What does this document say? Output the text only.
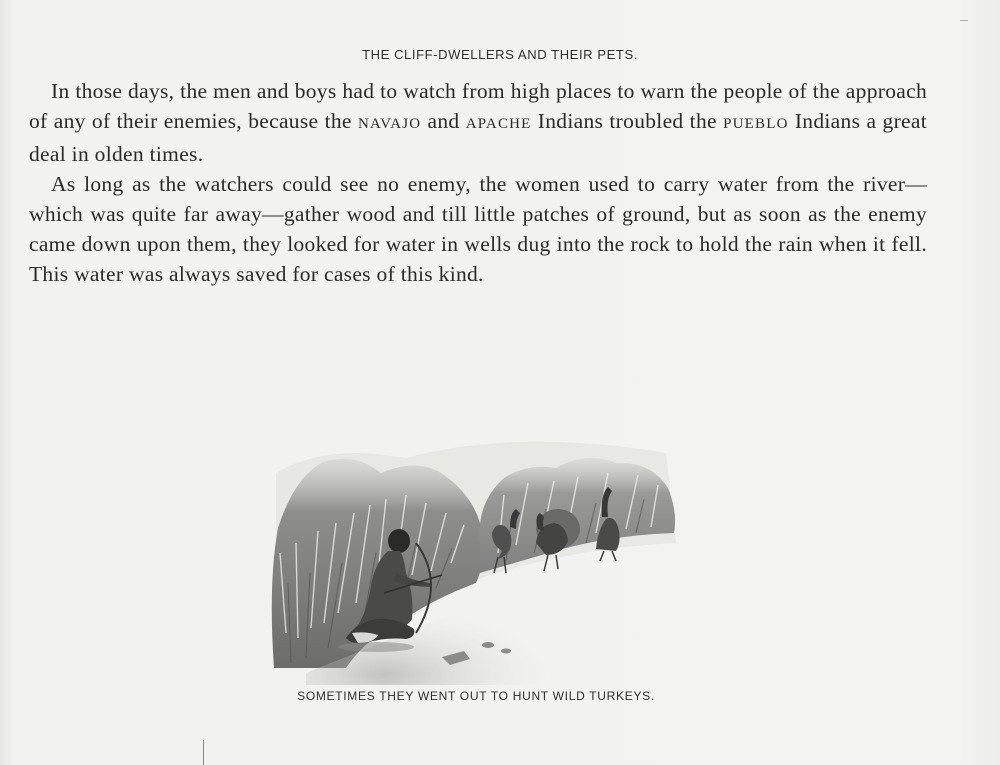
THE CLIFF-DWELLERS AND THEIR PETS.

In those days, the men and boys had to watch from high places to warn the people of the approach of any of their enemies, because the NAVAJO and APACHE Indians troubled the PUEBLO Indians a great deal in olden times.

As long as the watchers could see no enemy, the women used to carry water from the river—which was quite far away—gather wood and till little patches of ground, but as soon as the enemy came down upon them, they looked for water in wells dug into the rock to hold the rain when it fell. This water was always saved for cases of this kind.

SOMETIMES THEY WENT OUT TO HUNT WILD TURKEYS.
